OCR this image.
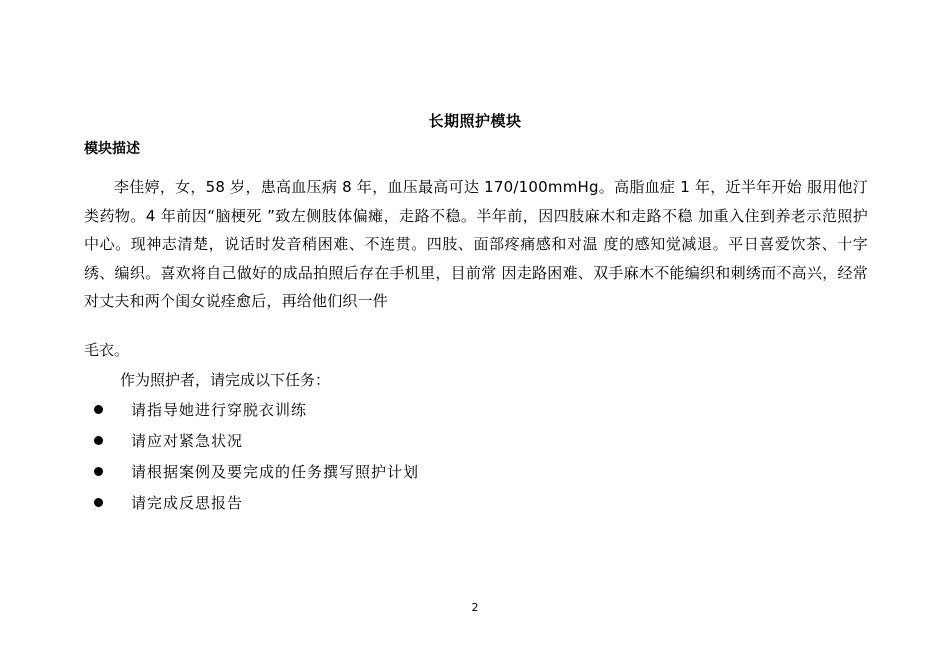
长期照护模块
模块描述
李佳婷，女，58 岁，患高血压病 8 年，血压最高可达 170/100mmHg。高脂血症 1 年，近半年开始 服用他汀类药物。4 年前因“脑梗死 ”致左侧肢体偏瘫，走路不稳。半年前，因四肢麻木和走路不稳 加重入住到养老示范照护中心。现神志清楚，说话时发音稍困难、不连贯。四肢、面部疼痛感和对温 度的感知觉减退。平日喜爱饮茶、十字绣、编织。喜欢将自己做好的成品拍照后存在手机里，目前常 因走路困难、双手麻木不能编织和刺绣而不高兴，经常对丈夫和两个闺女说痊愈后，再给他们织一件
毛衣。
作为照护者，请完成以下任务：
请指导她进行穿脱衣训练
请应对紧急状况
请根据案例及要完成的任务撰写照护计划
请完成反思报告
2
